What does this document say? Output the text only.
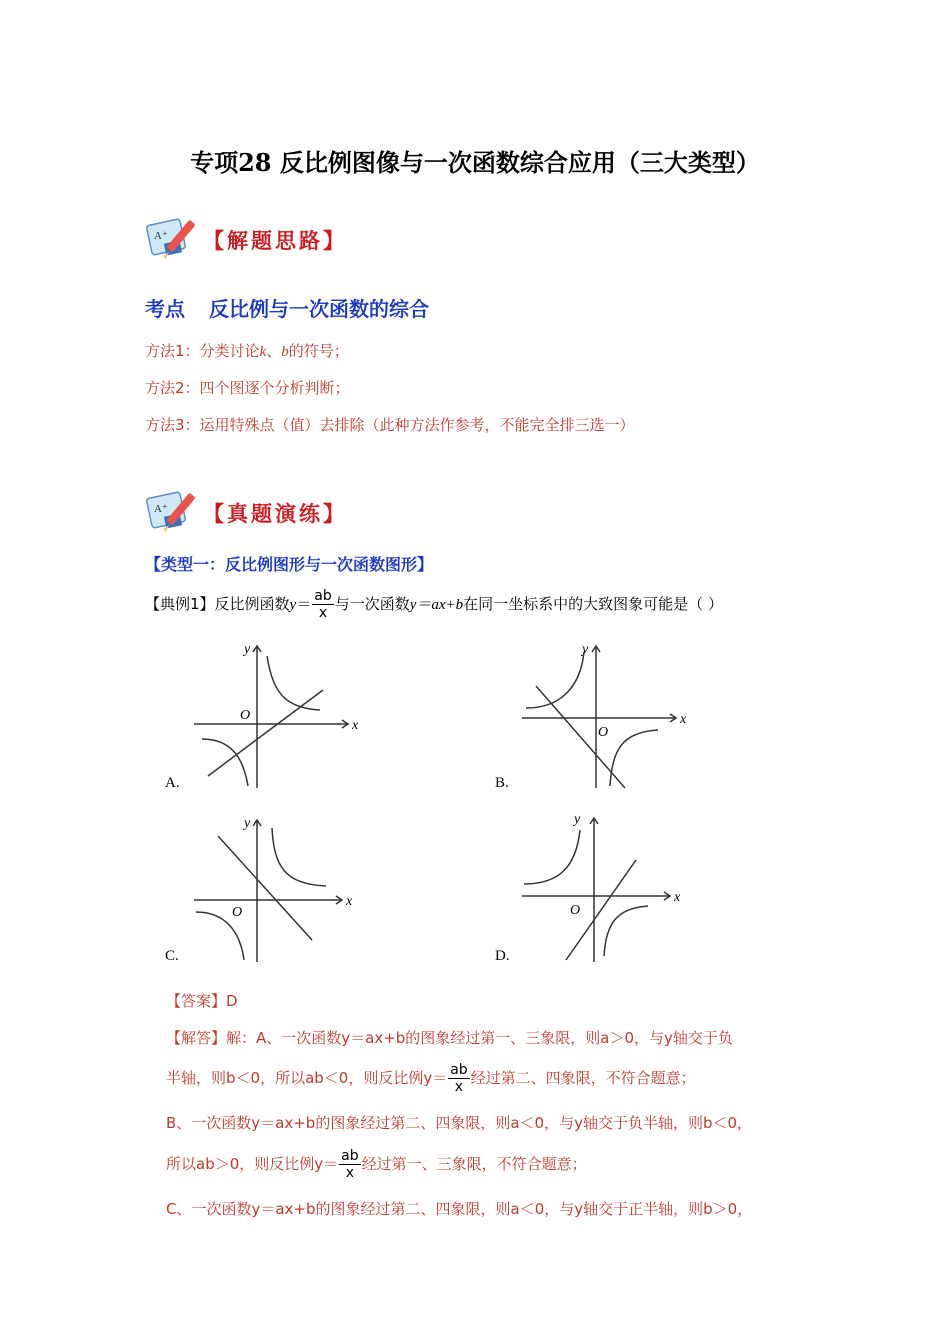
专项28 反比例图像与一次函数综合应用（三大类型）
A⁺ 【解题思路】
考点 反比例与一次函数的综合
方法1：分类讨论k、b的符号；
方法2：四个图逐个分析判断；
方法3：运用特殊点（值）去排除（此种方法作参考，不能完全排三选一）
A⁺ 【真题演练】
【类型一：反比例图形与一次函数图形】
【典例1】反比例函数$y= \frac{ab}{x}$ 与一次函数y＝ax+b在同一坐标系中的大致图象可能是（ ）
x
y
O
A.
x
y
O
B.
x
y
O
C.
x
y
O
D.
【答案】D
【解答】解：A、一次函数y＝ax+b的图象经过第一、三象限，则a＞0，与y轴交于负
半轴，则b＜0，所以ab＜0，则反比例$y= \frac{ab}{x}$ 经过第二、四象限，不符合题意；
B、一次函数y＝ax+b的图象经过第二、四象限，则a＜0，与y轴交于负半轴，则b＜0，
所以ab＞0，则反比例$y= \frac{ab}{x}$ 经过第一、三象限，不符合题意；
C、一次函数y＝ax+b的图象经过第二、四象限，则a＜0，与y轴交于正半轴，则b＞0，
